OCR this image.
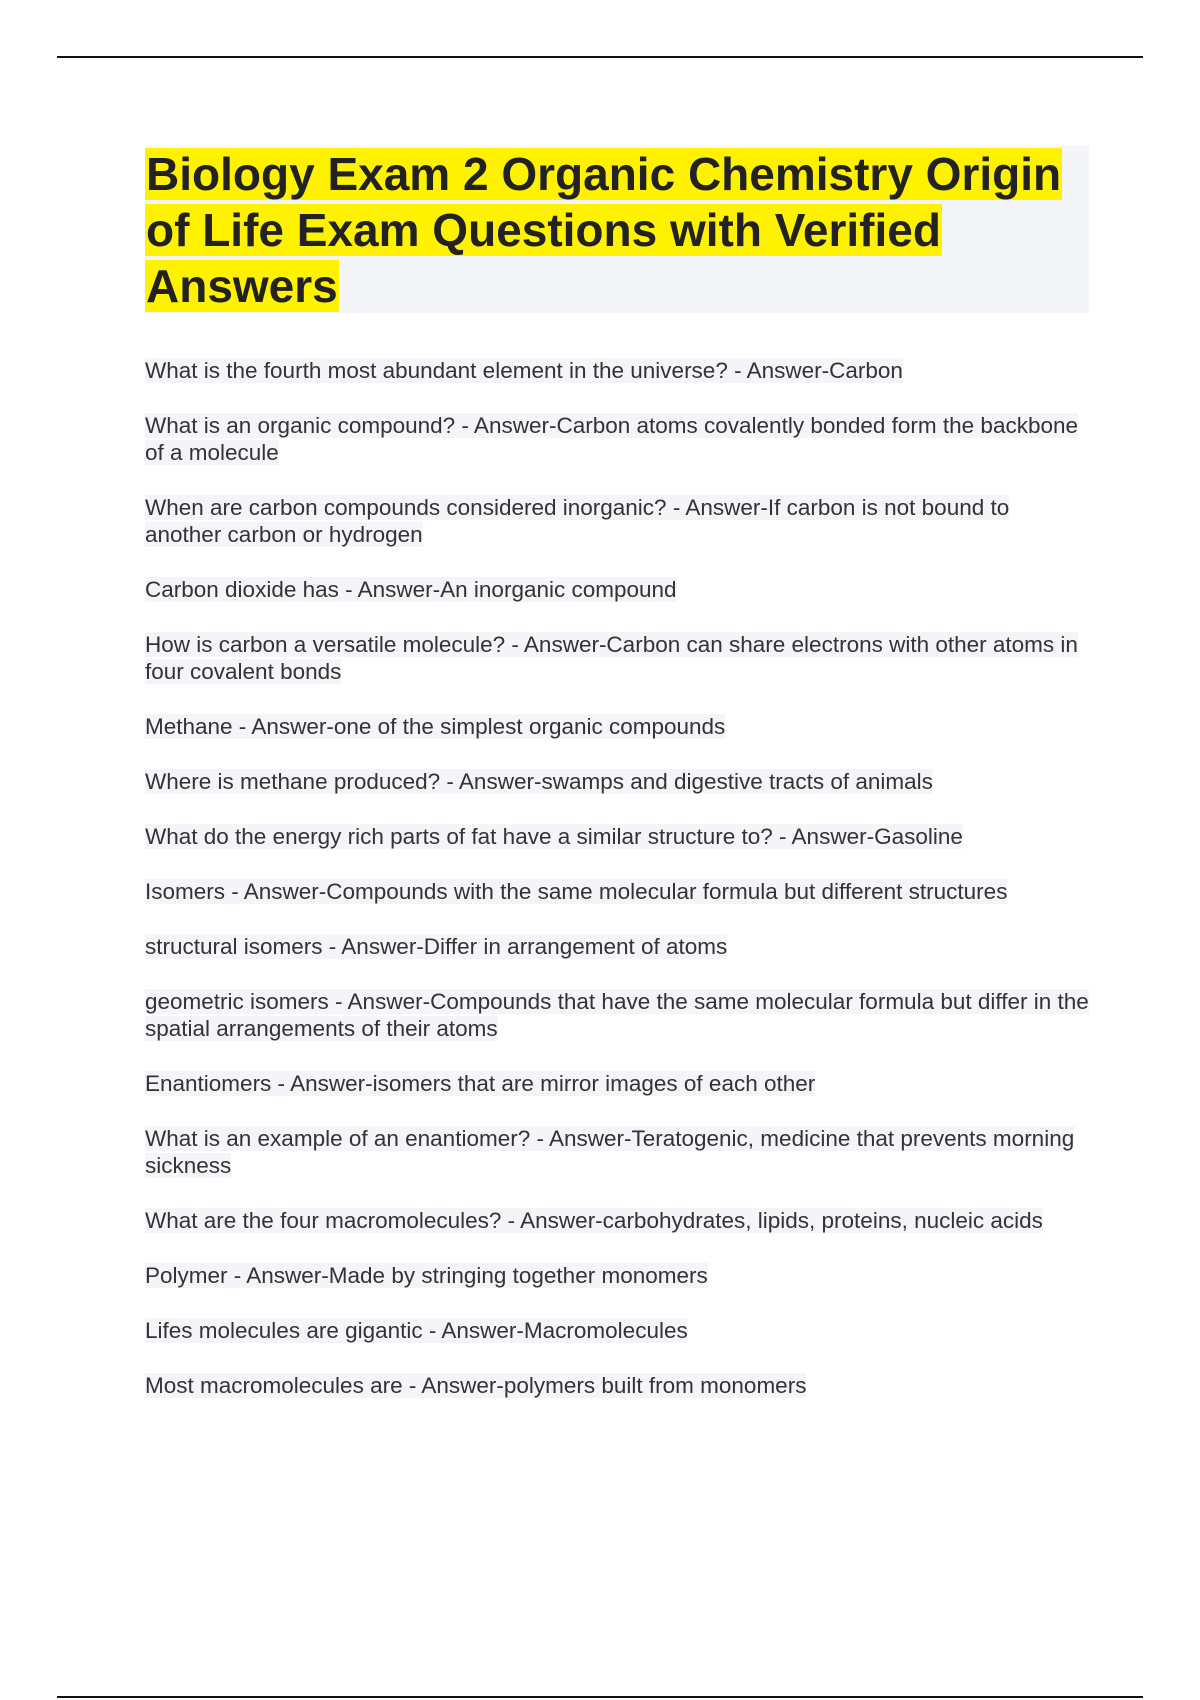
Biology Exam 2 Organic Chemistry Origin of Life Exam Questions with Verified Answers

What is the fourth most abundant element in the universe? - Answer-Carbon

What is an organic compound? - Answer-Carbon atoms covalently bonded form the backbone of a molecule

When are carbon compounds considered inorganic? - Answer-If carbon is not bound to another carbon or hydrogen

Carbon dioxide has - Answer-An inorganic compound

How is carbon a versatile molecule? - Answer-Carbon can share electrons with other atoms in four covalent bonds

Methane - Answer-one of the simplest organic compounds

Where is methane produced? - Answer-swamps and digestive tracts of animals

What do the energy rich parts of fat have a similar structure to? - Answer-Gasoline

Isomers - Answer-Compounds with the same molecular formula but different structures

structural isomers - Answer-Differ in arrangement of atoms

geometric isomers - Answer-Compounds that have the same molecular formula but differ in the spatial arrangements of their atoms

Enantiomers - Answer-isomers that are mirror images of each other

What is an example of an enantiomer? - Answer-Teratogenic, medicine that prevents morning sickness

What are the four macromolecules? - Answer-carbohydrates, lipids, proteins, nucleic acids

Polymer - Answer-Made by stringing together monomers

Lifes molecules are gigantic - Answer-Macromolecules

Most macromolecules are - Answer-polymers built from monomers
